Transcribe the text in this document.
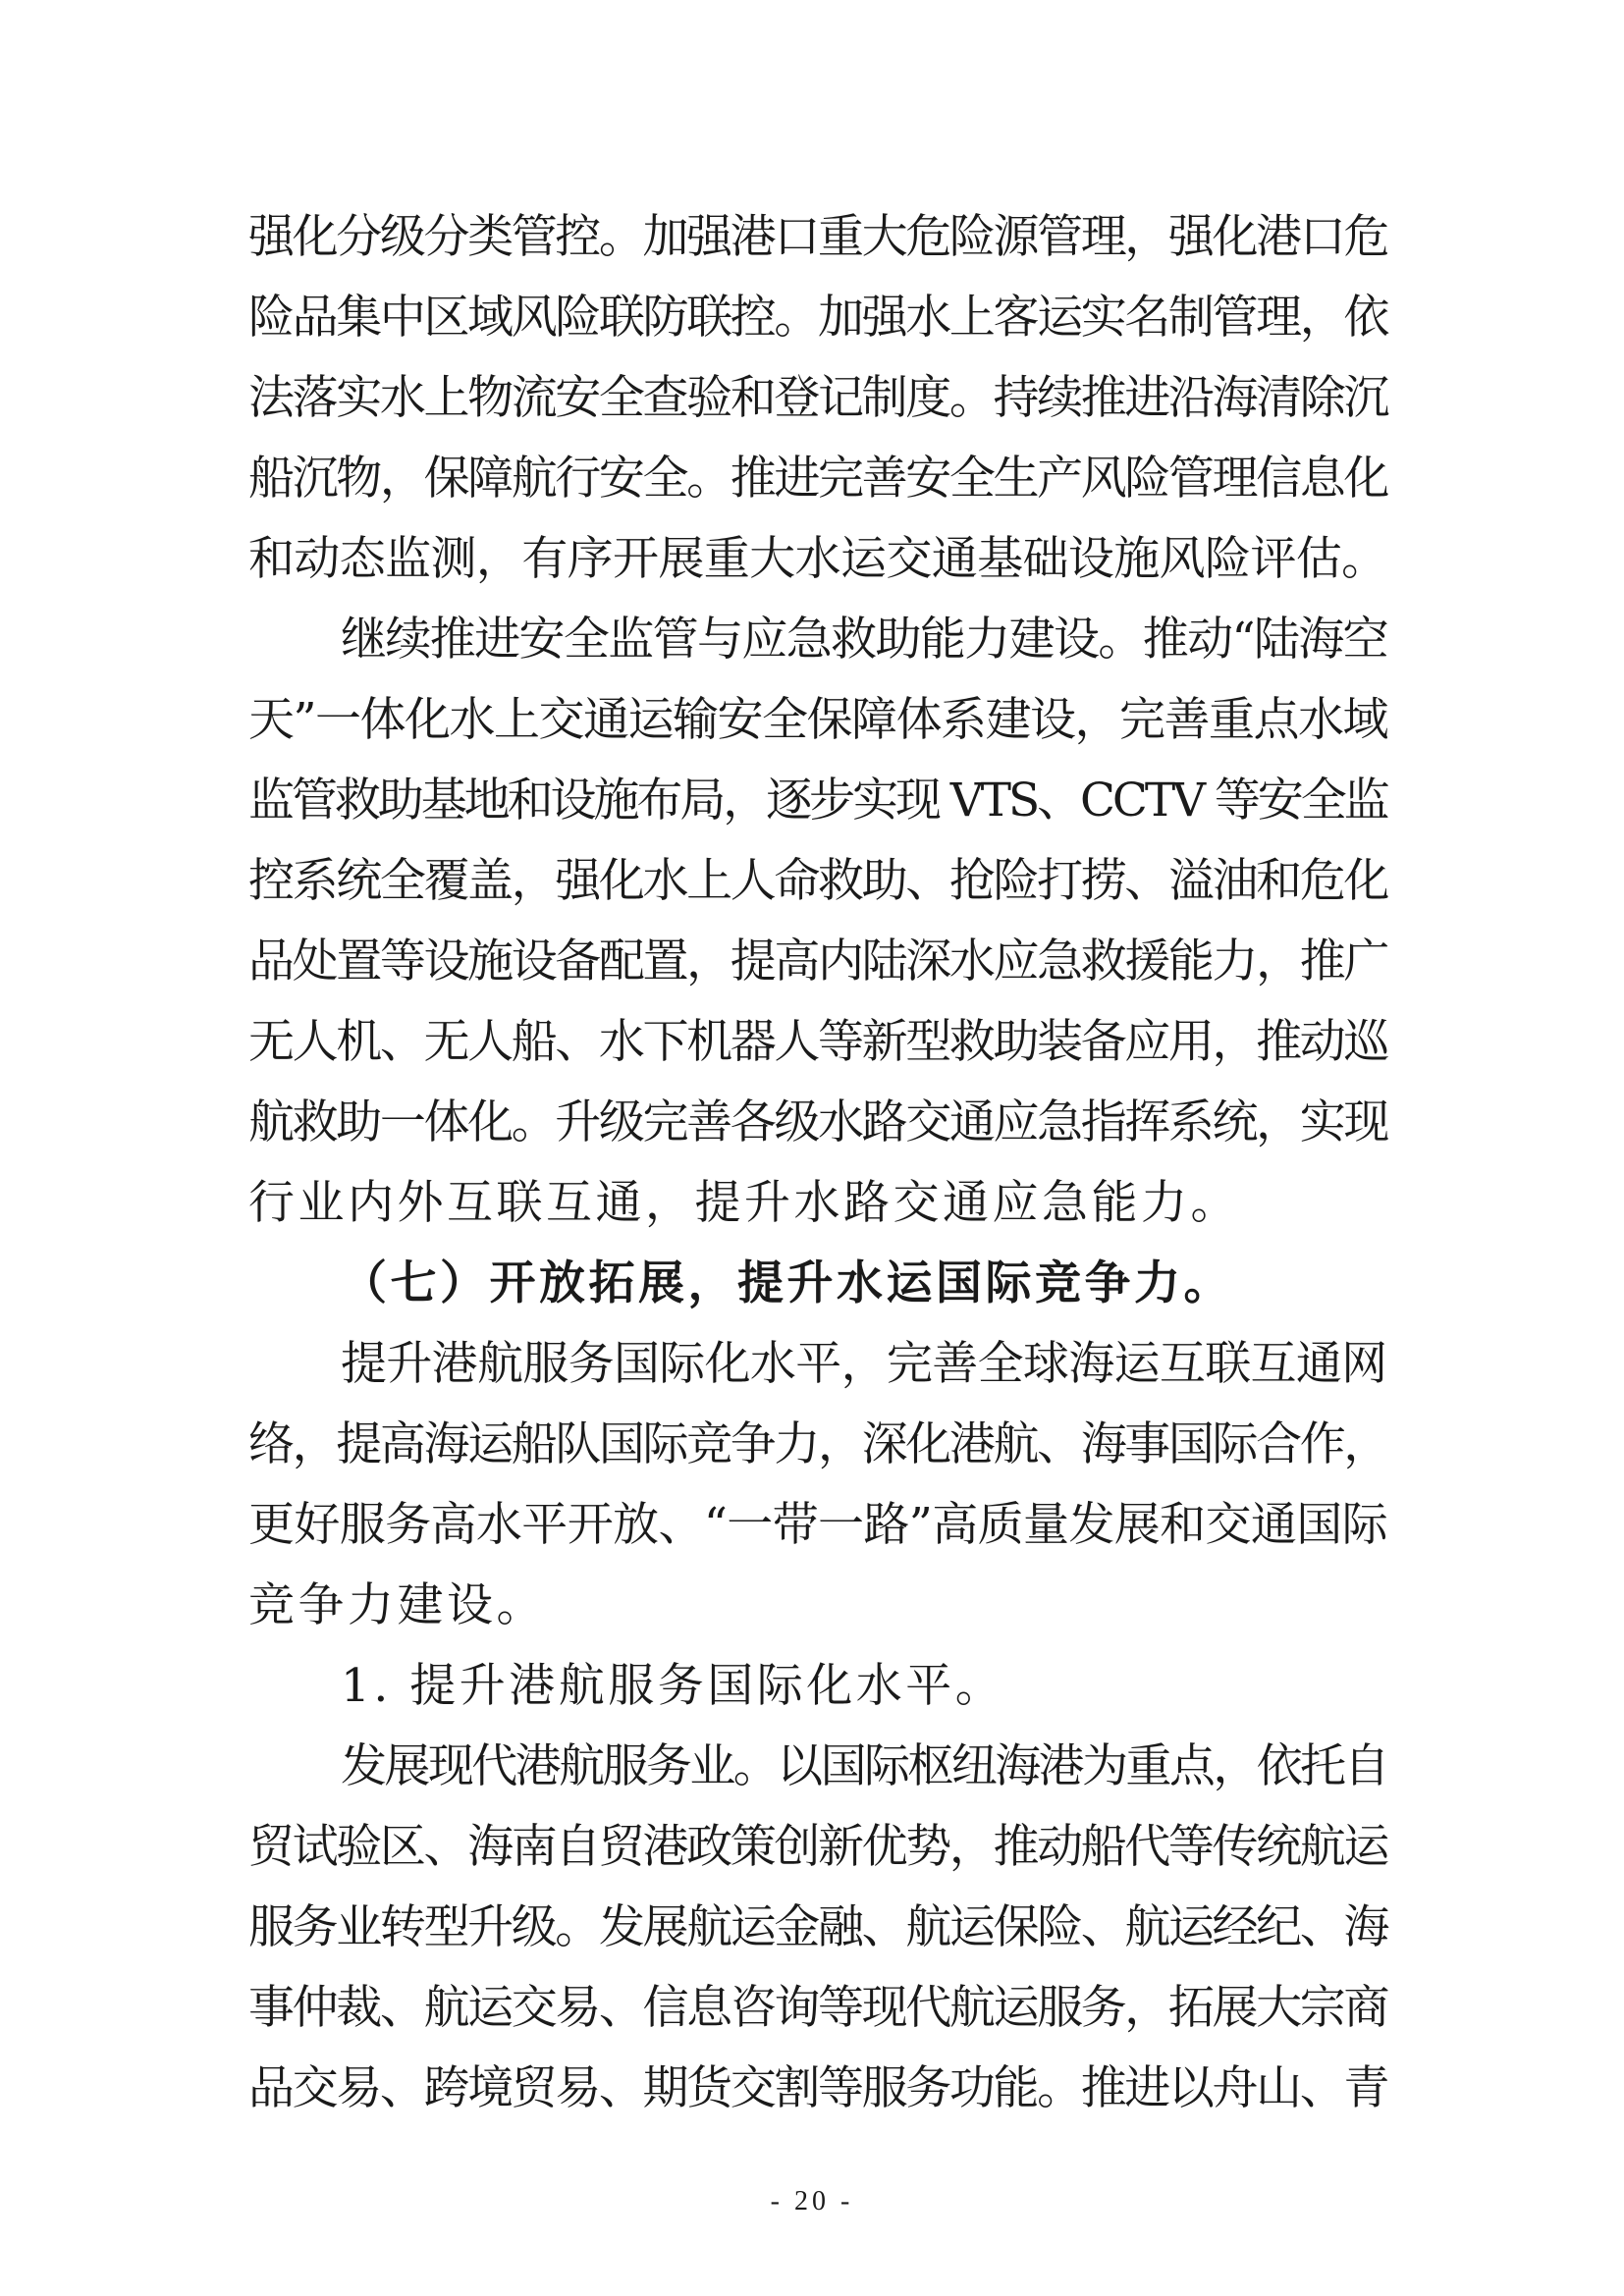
强化分级分类管控。加强港口重大危险源管理，强化港口危
险品集中区域风险联防联控。加强水上客运实名制管理，依
法落实水上物流安全查验和登记制度。持续推进沿海清除沉
船沉物，保障航行安全。推进完善安全生产风险管理信息化
和动态监测，有序开展重大水运交通基础设施风险评估。
继续推进安全监管与应急救助能力建设。推动“陆海空
天”一体化水上交通运输安全保障体系建设，完善重点水域
监管救助基地和设施布局，逐步实现 VTS、CCTV 等安全监
控系统全覆盖，强化水上人命救助、抢险打捞、溢油和危化
品处置等设施设备配置，提高内陆深水应急救援能力，推广
无人机、无人船、水下机器人等新型救助装备应用，推动巡
航救助一体化。升级完善各级水路交通应急指挥系统，实现
行业内外互联互通，提升水路交通应急能力。
（七）开放拓展，提升水运国际竞争力。
提升港航服务国际化水平，完善全球海运互联互通网
络，提高海运船队国际竞争力，深化港航、海事国际合作，
更好服务高水平开放、“一带一路”高质量发展和交通国际
竞争力建设。
1. 提升港航服务国际化水平。
发展现代港航服务业。以国际枢纽海港为重点，依托自
贸试验区、海南自贸港政策创新优势，推动船代等传统航运
服务业转型升级。发展航运金融、航运保险、航运经纪、海
事仲裁、航运交易、信息咨询等现代航运服务，拓展大宗商
品交易、跨境贸易、期货交割等服务功能。推进以舟山、青
- 20 -
